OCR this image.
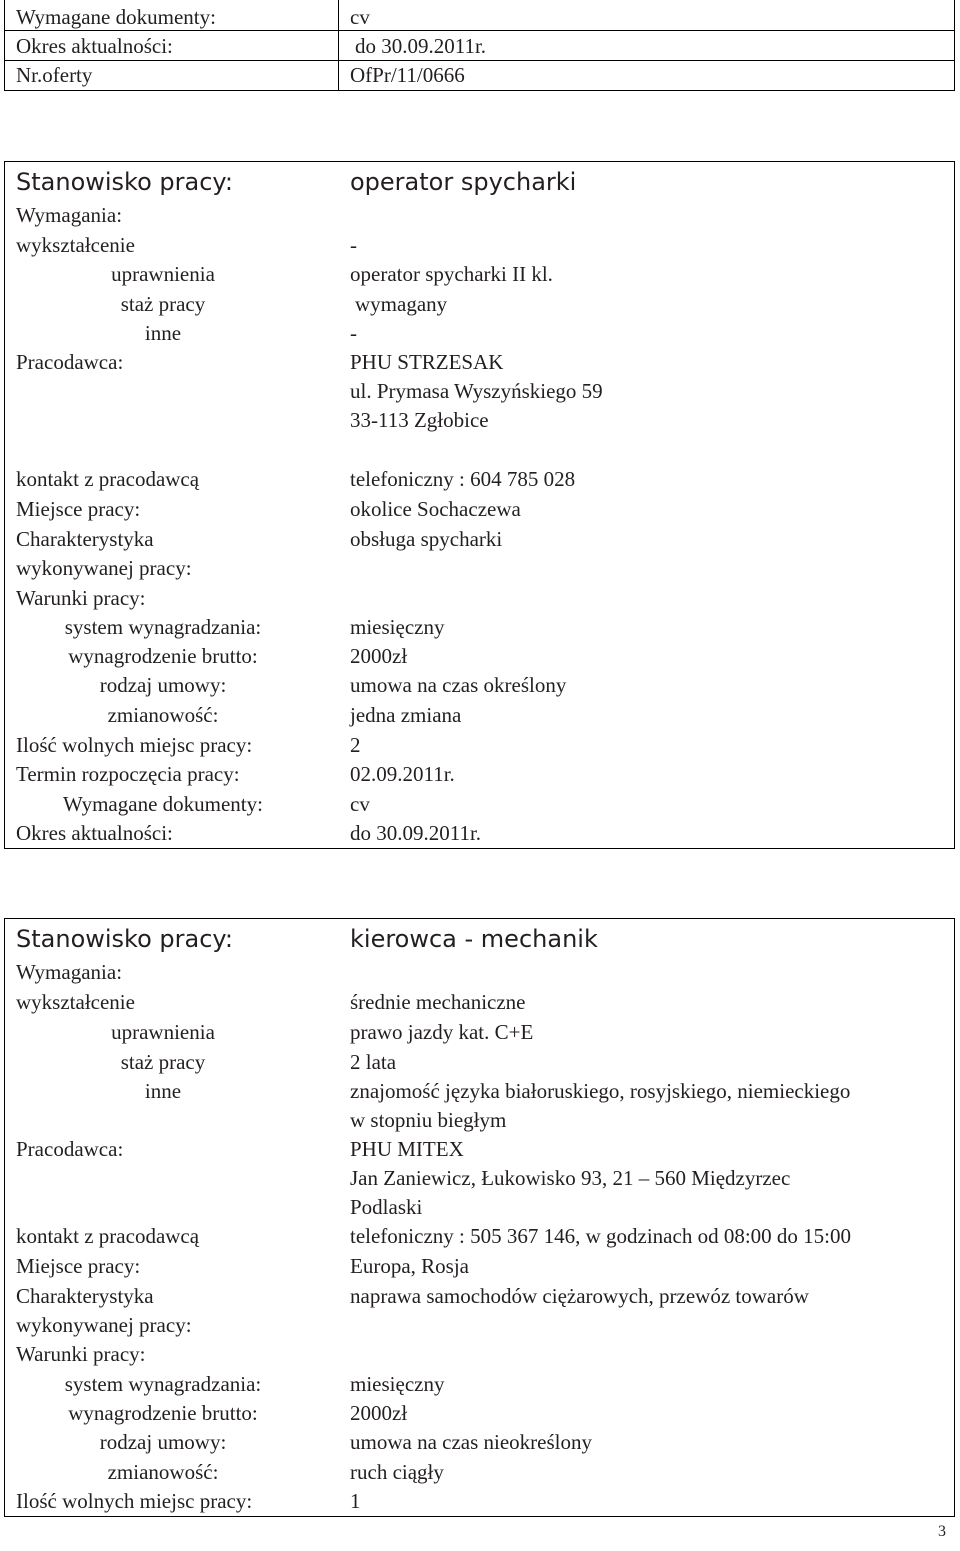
Wymagane dokumenty:	cv
Okres aktualności:	do 30.09.2011r.
Nr.oferty	OfPr/11/0666
Stanowisko pracy:	operator spycharki
Wymagania:
wykształcenie	-
uprawnienia	operator spycharki II kl.
staż pracy	wymagany
inne	-
Pracodawca:	PHU STRZESAK
ul. Prymasa Wyszyńskiego 59
33-113 Zgłobice
kontakt z pracodawcą	telefoniczny : 604 785 028
Miejsce pracy:	okolice Sochaczewa
Charakterystyka	obsługa spycharki
wykonywanej pracy:
Warunki pracy:
system wynagradzania:	miesięczny
wynagrodzenie brutto:	2000zł
rodzaj umowy:	umowa na czas określony
zmianowość:	jedna zmiana
Ilość wolnych miejsc pracy:	2
Termin rozpoczęcia pracy:	02.09.2011r.
Wymagane dokumenty:	cv
Okres aktualności:	do 30.09.2011r.
Stanowisko pracy:	kierowca - mechanik
Wymagania:
wykształcenie	średnie mechaniczne
uprawnienia	prawo jazdy kat. C+E
staż pracy	2 lata
inne	znajomość języka białoruskiego, rosyjskiego, niemieckiego
w stopniu biegłym
Pracodawca:	PHU MITEX
Jan Zaniewicz, Łukowisko 93, 21 – 560 Międzyrzec
Podlaski
kontakt z pracodawcą	telefoniczny : 505 367 146, w godzinach od 08:00 do 15:00
Miejsce pracy:	Europa, Rosja
Charakterystyka	naprawa samochodów ciężarowych, przewóz towarów
wykonywanej pracy:
Warunki pracy:
system wynagradzania:	miesięczny
wynagrodzenie brutto:	2000zł
rodzaj umowy:	umowa na czas nieokreślony
zmianowość:	ruch ciągły
Ilość wolnych miejsc pracy:	1
3
